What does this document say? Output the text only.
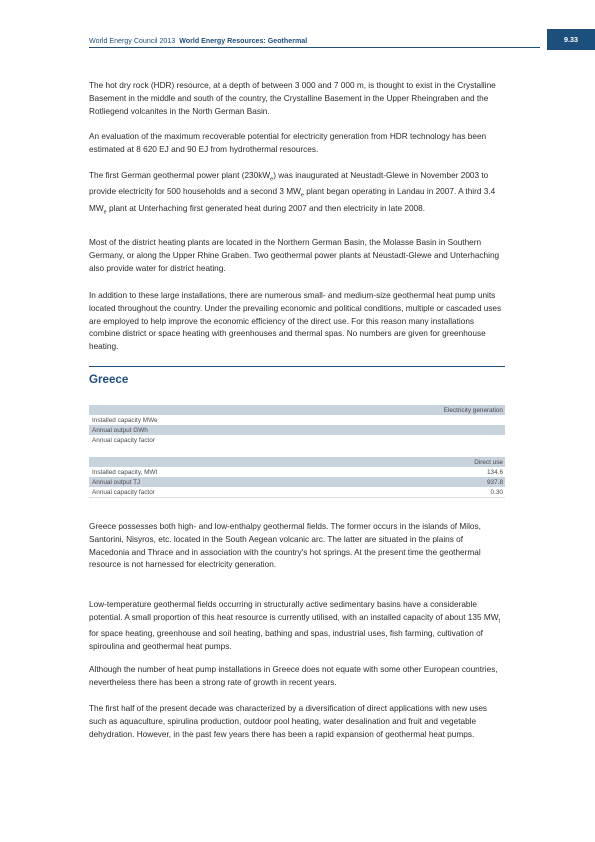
World Energy Council 2013 World Energy Resources: Geothermal	9.33

The hot dry rock (HDR) resource, at a depth of between 3 000 and 7 000 m, is thought to exist in the Crystalline Basement in the middle and south of the country, the Crystalline Basement in the Upper Rheingraben and the Rotliegend volcanites in the North German Basin.

An evaluation of the maximum recoverable potential for electricity generation from HDR technology has been estimated at 8 620 EJ and 90 EJ from hydrothermal resources.

The first German geothermal power plant $(230kW_e)$ was inaugurated at Neustadt-Glewe in November 2003 to provide electricity for 500 households and a second 3 $MW_e$ plant began operating in Landau in 2007. A third 3.4 $MW_e$ plant at Unterhaching first generated heat during 2007 and then electricity in late 2008.

Most of the district heating plants are located in the Northern German Basin, the Molasse Basin in Southern Germany, or along the Upper Rhine Graben. Two geothermal power plants at Neustadt-Glewe and Unterhaching also provide water for district heating.

In addition to these large installations, there are numerous small- and medium-size geothermal heat pump units located throughout the country. Under the prevailing economic and political conditions, multiple or cascaded uses are employed to help improve the economic efficiency of the direct use. For this reason many installations combine district or space heating with greenhouses and thermal spas. No numbers are given for greenhouse heating.

Greece
Electricity generation
Installed capacity MWe
Annual output GWh
Annual capacity factor
Direct use
Installed capacity, MWt	134.6
Annual output TJ	937.8
Annual capacity factor	0.30

Greece possesses both high- and low-enthalpy geothermal fields. The former occurs in the islands of Milos, Santorini, Nisyros, etc. located in the South Aegean volcanic arc. The latter are situated in the plains of Macedonia and Thrace and in association with the country's hot springs. At the present time the geothermal resource is not harnessed for electricity generation.

Low-temperature geothermal fields occurring in structurally active sedimentary basins have a considerable potential. A small proportion of this heat resource is currently utilised, with an installed capacity of about 135 $MW_t$ for space heating, greenhouse and soil heating, bathing and spas, industrial uses, fish farming, cultivation of spiroulina and geothermal heat pumps.

Although the number of heat pump installations in Greece does not equate with some other European countries, nevertheless there has been a strong rate of growth in recent years.

The first half of the present decade was characterized by a diversification of direct applications with new uses such as aquaculture, spirulina production, outdoor pool heating, water desalination and fruit and vegetable dehydration. However, in the past few years there has been a rapid expansion of geothermal heat pumps.
